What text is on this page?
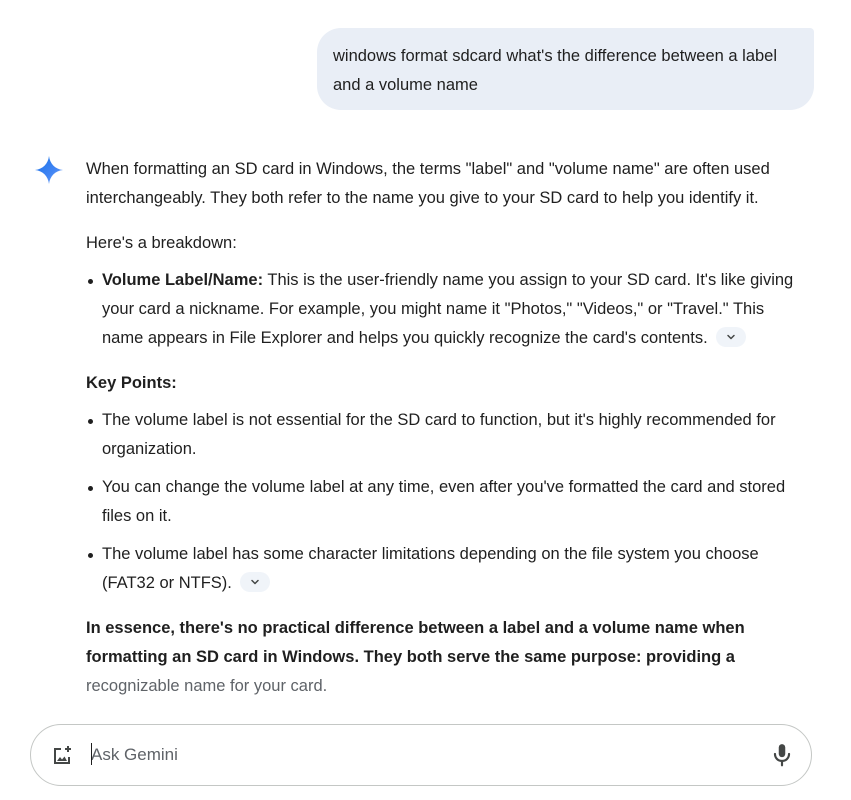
windows format sdcard what's the difference between a label
and a volume name

When formatting an SD card in Windows, the terms "label" and "volume name" are often used
interchangeably. They both refer to the name you give to your SD card to help you identify it.

Here's a breakdown:

Volume Label/Name: This is the user-friendly name you assign to your SD card. It's like giving
your card a nickname. For example, you might name it "Photos," "Videos," or "Travel." This
name appears in File Explorer and helps you quickly recognize the card's contents.

Key Points:

The volume label is not essential for the SD card to function, but it's highly recommended for
organization.
You can change the volume label at any time, even after you've formatted the card and stored
files on it.
The volume label has some character limitations depending on the file system you choose
(FAT32 or NTFS).

In essence, there's no practical difference between a label and a volume name when
formatting an SD card in Windows. They both serve the same purpose: providing a
recognizable name for your card.

Ask Gemini
